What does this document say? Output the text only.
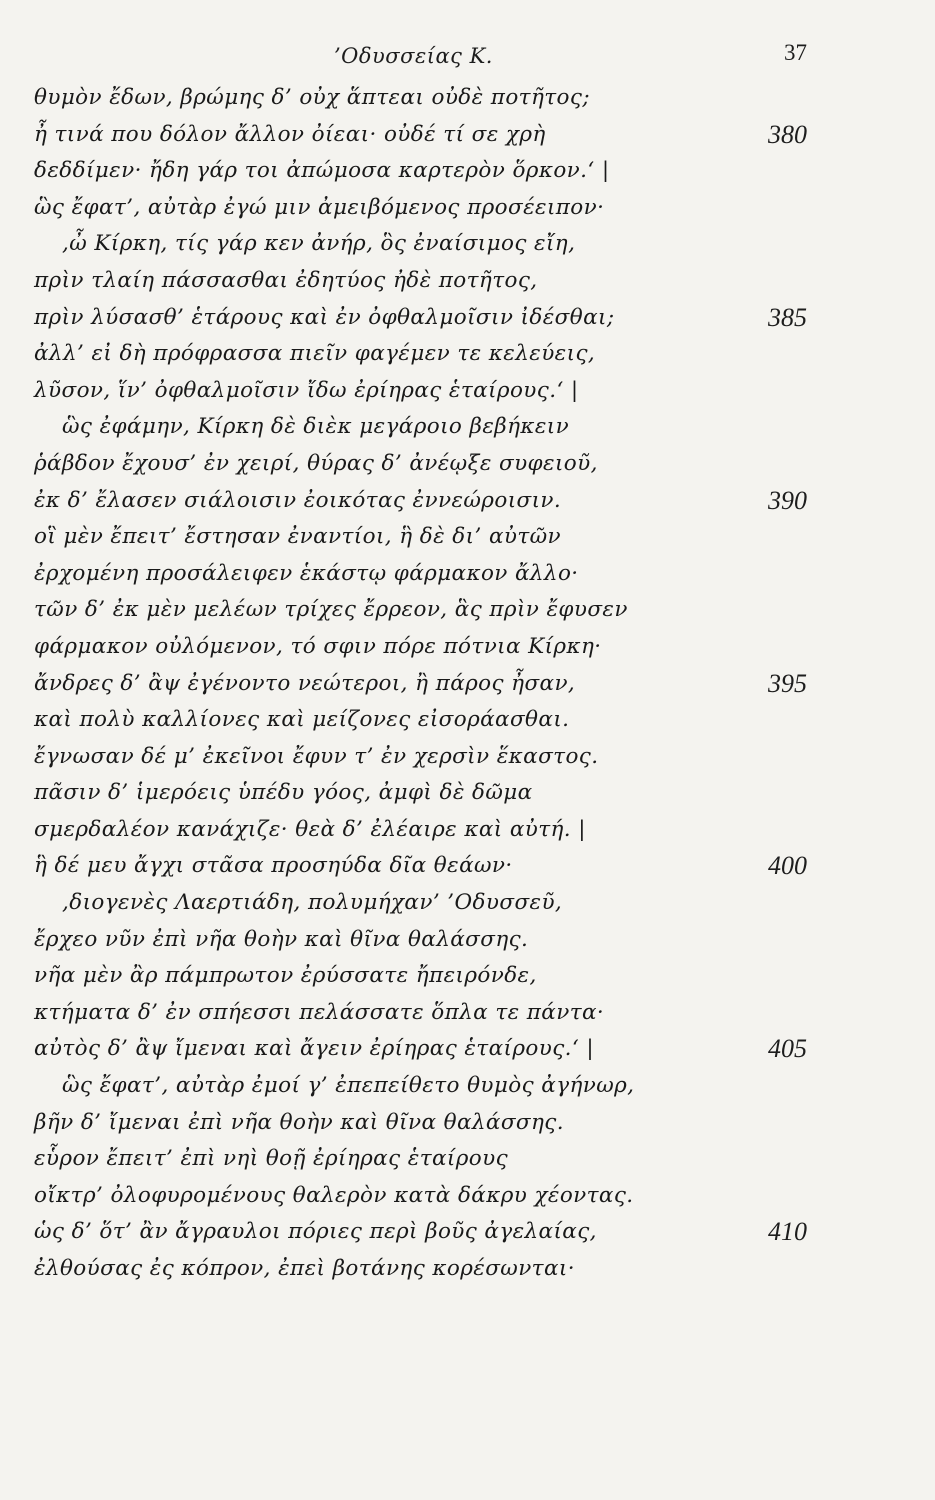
’Οδυσσείας Κ.	37
θυμὸν ἔδων, βρώμης δ’ οὐχ ἅπτεαι οὐδὲ ποτῆτος;
ἦ τινά που δόλον ἄλλον ὀίεαι· οὐδέ τί σε χρὴ	380
δεδδίμεν· ἤδη γάρ τοι ἀπώμοσα καρτερὸν ὅρκον.‘ |
ὣς ἔφατ’, αὐτὰρ ἐγώ μιν ἀμειβόμενος προσέειπον·
,ὦ Κίρκη, τίς γάρ κεν ἀνήρ, ὃς ἐναίσιμος εἴη,
πρὶν τλαίη πάσσασθαι ἐδητύος ἠδὲ ποτῆτος,
πρὶν λύσασθ’ ἑτάρους καὶ ἐν ὀφθαλμοῖσιν ἰδέσθαι;	385
ἀλλ’ εἰ δὴ πρόφρασσα πιεῖν φαγέμεν τε κελεύεις,
λῦσον, ἵν’ ὀφθαλμοῖσιν ἴδω ἐρίηρας ἑταίρους.‘ |
ὣς ἐφάμην, Κίρκη δὲ διὲκ μεγάροιο βεβήκειν
ῥάβδον ἔχουσ’ ἐν χειρί, θύρας δ’ ἀνέῳξε συφειοῦ,
ἐκ δ’ ἔλασεν σιάλοισιν ἐοικότας ἐννεώροισιν.	390
οἳ μὲν ἔπειτ’ ἔστησαν ἐναντίοι, ἣ δὲ δι’ αὐτῶν
ἐρχομένη προσάλειφεν ἑκάστῳ φάρμακον ἄλλο·
τῶν δ’ ἐκ μὲν μελέων τρίχες ἔρρεον, ἃς πρὶν ἔφυσεν
φάρμακον οὐλόμενον, τό σφιν πόρε πότνια Κίρκη·
ἄνδρες δ’ ἂψ ἐγένοντο νεώτεροι, ἢ πάρος ἦσαν,	395
καὶ πολὺ καλλίονες καὶ μείζονες εἰσοράασθαι.
ἔγνωσαν δέ μ’ ἐκεῖνοι ἔφυν τ’ ἐν χερσὶν ἕκαστος.
πᾶσιν δ’ ἱμερόεις ὑπέδυ γόος, ἀμφὶ δὲ δῶμα
σμερδαλέον κανάχιζε· θεὰ δ’ ἐλέαιρε καὶ αὐτή. |
ἣ δέ μευ ἄγχι στᾶσα προσηύδα δῖα θεάων·	400
,διογενὲς Λαερτιάδη, πολυμήχαν’ ’Οδυσσεῦ,
ἔρχεο νῦν ἐπὶ νῆα θοὴν καὶ θῖνα θαλάσσης.
νῆα μὲν ἂρ πάμπρωτον ἐρύσσατε ἤπειρόνδε,
κτήματα δ’ ἐν σπήεσσι πελάσσατε ὅπλα τε πάντα·
αὐτὸς δ’ ἂψ ἴμεναι καὶ ἄγειν ἐρίηρας ἑταίρους.‘ |	405
ὣς ἔφατ’, αὐτὰρ ἐμοί γ’ ἐπεπείθετο θυμὸς ἀγήνωρ,
βῆν δ’ ἴμεναι ἐπὶ νῆα θοὴν καὶ θῖνα θαλάσσης.
εὗρον ἔπειτ’ ἐπὶ νηὶ θοῇ ἐρίηρας ἑταίρους
οἴκτρ’ ὀλοφυρομένους θαλερὸν κατὰ δάκρυ χέοντας.
ὡς δ’ ὅτ’ ἂν ἄγραυλοι πόριες περὶ βοῦς ἀγελαίας,	410
ἐλθούσας ἐς κόπρον, ἐπεὶ βοτάνης κορέσωνται·
